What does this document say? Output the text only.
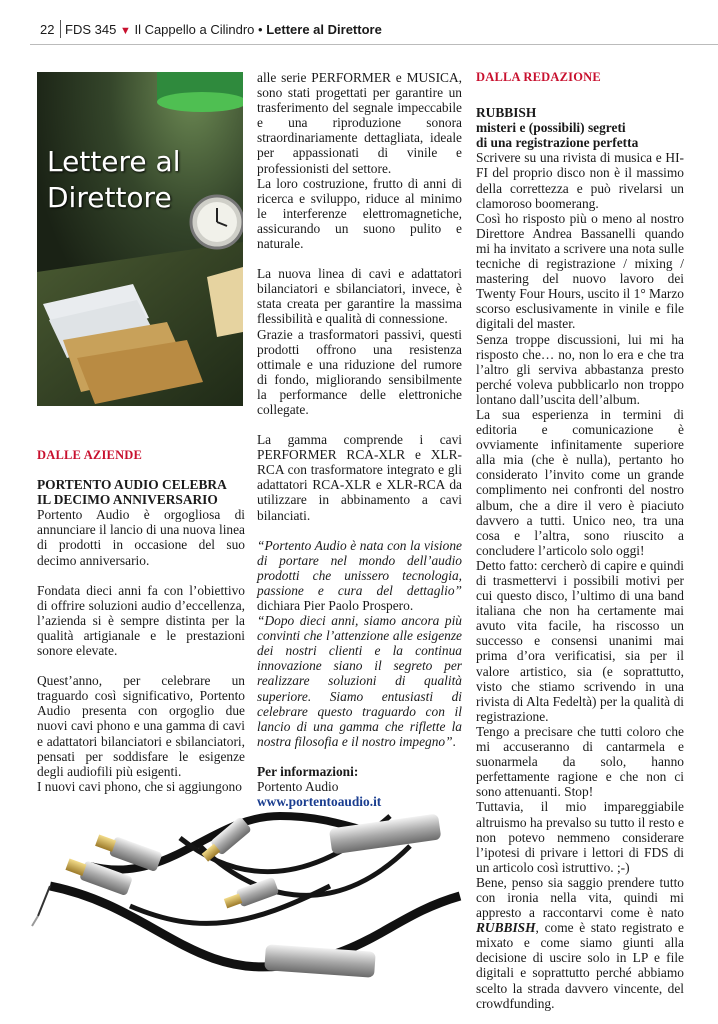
22 FDS 345 ▼ Il Cappello a Cilindro • Lettere al Direttore
Lettere al
Direttore

DALLE AZIENDE

PORTENTO AUDIO CELEBRA

IL DECIMO ANNIVERSARIO

Portento Audio è orgogliosa di annunciare il lancio di una nuova linea di prodotti in occasione del suo decimo anniversario.

Fondata dieci anni fa con l’obiettivo di offrire soluzioni audio d’eccellenza, l’azienda si è sempre distinta per la qualità artigianale e le prestazioni sonore elevate.

Quest’anno, per celebrare un traguardo così significativo, Portento Audio presenta con orgoglio due nuovi cavi phono e una gamma di cavi e adattatori bilanciatori e sbilanciatori, pensati per soddisfare le esigenze degli audiofili più esigenti.

I nuovi cavi phono, che si aggiungono

alle serie PERFORMER e MUSICA, sono stati progettati per garantire un trasferimento del segnale impeccabile e una riproduzione sonora straordinariamente dettagliata, ideale per appassionati di vinile e professionisti del settore.

La loro costruzione, frutto di anni di ricerca e sviluppo, riduce al minimo le interferenze elettromagnetiche, assicurando un suono pulito e naturale.

La nuova linea di cavi e adattatori bilanciatori e sbilanciatori, invece, è stata creata per garantire la massima flessibilità e qualità di connessione.

Grazie a trasformatori passivi, questi prodotti offrono una resistenza ottimale e una riduzione del rumore di fondo, migliorando sensibilmente la performance delle elettroniche collegate.

La gamma comprende i cavi PERFORMER RCA-XLR e XLR-RCA con trasformatore integrato e gli adattatori RCA-XLR e XLR-RCA da utilizzare in abbinamento a cavi bilanciati.

“Portento Audio è nata con la visione di portare nel mondo dell’audio prodotti che unissero tecnologia, passione e cura del dettaglio” dichiara Pier Paolo Prospero.

“Dopo dieci anni, siamo ancora più convinti che l’attenzione alle esigenze dei nostri clienti e la continua innovazione siano il segreto per realizzare soluzioni di qualità superiore. Siamo entusiasti di celebrare questo traguardo con il lancio di una gamma che riflette la nostra filosofia e il nostro impegno”.

Per informazioni:

Portento Audio

www.portentoaudio.it

DALLA REDAZIONE

RUBBISH

misteri e (possibili) segreti

di una registrazione perfetta

Scrivere su una rivista di musica e HI-FI del proprio disco non è il massimo della correttezza e può rivelarsi un clamoroso boomerang.

Così ho risposto più o meno al nostro Direttore Andrea Bassanelli quando mi ha invitato a scrivere una nota sulle tecniche di registrazione / mixing / mastering del nuovo lavoro dei Twenty Four Hours, uscito il 1° Marzo scorso esclusivamente in vinile e file digitali del master.

Senza troppe discussioni, lui mi ha risposto che… no, non lo era e che tra l’altro gli serviva abbastanza presto perché voleva pubblicarlo non troppo lontano dall’uscita dell’album.

La sua esperienza in termini di editoria e comunicazione è ovviamente infinitamente superiore alla mia (che è nulla), pertanto ho considerato l’invito come un grande complimento nei confronti del nostro album, che a dire il vero è piaciuto davvero a tutti. Unico neo, tra una cosa e l’altra, sono riuscito a concludere l’articolo solo oggi!

Detto fatto: cercherò di capire e quindi di trasmettervi i possibili motivi per cui questo disco, l’ultimo di una band italiana che non ha certamente mai avuto vita facile, ha riscosso un successo e consensi unanimi mai prima d’ora verificatisi, sia per il valore artistico, sia (e soprattutto, visto che stiamo scrivendo in una rivista di Alta Fedeltà) per la qualità di registrazione.

Tengo a precisare che tutti coloro che mi accuseranno di cantarmela e suonarmela da solo, hanno perfettamente ragione e che non ci sono attenuanti. Stop!

Tuttavia, il mio impareggiabile altruismo ha prevalso su tutto il resto e non potevo nemmeno considerare l’ipotesi di privare i lettori di FDS di un articolo così istruttivo. ;-)

Bene, penso sia saggio prendere tutto con ironia nella vita, quindi mi appresto a raccontarvi come è nato RUBBISH, come è stato registrato e mixato e come siamo giunti alla decisione di uscire solo in LP e file digitali e soprattutto perché abbiamo scelto la strada davvero vincente, del crowdfunding.
